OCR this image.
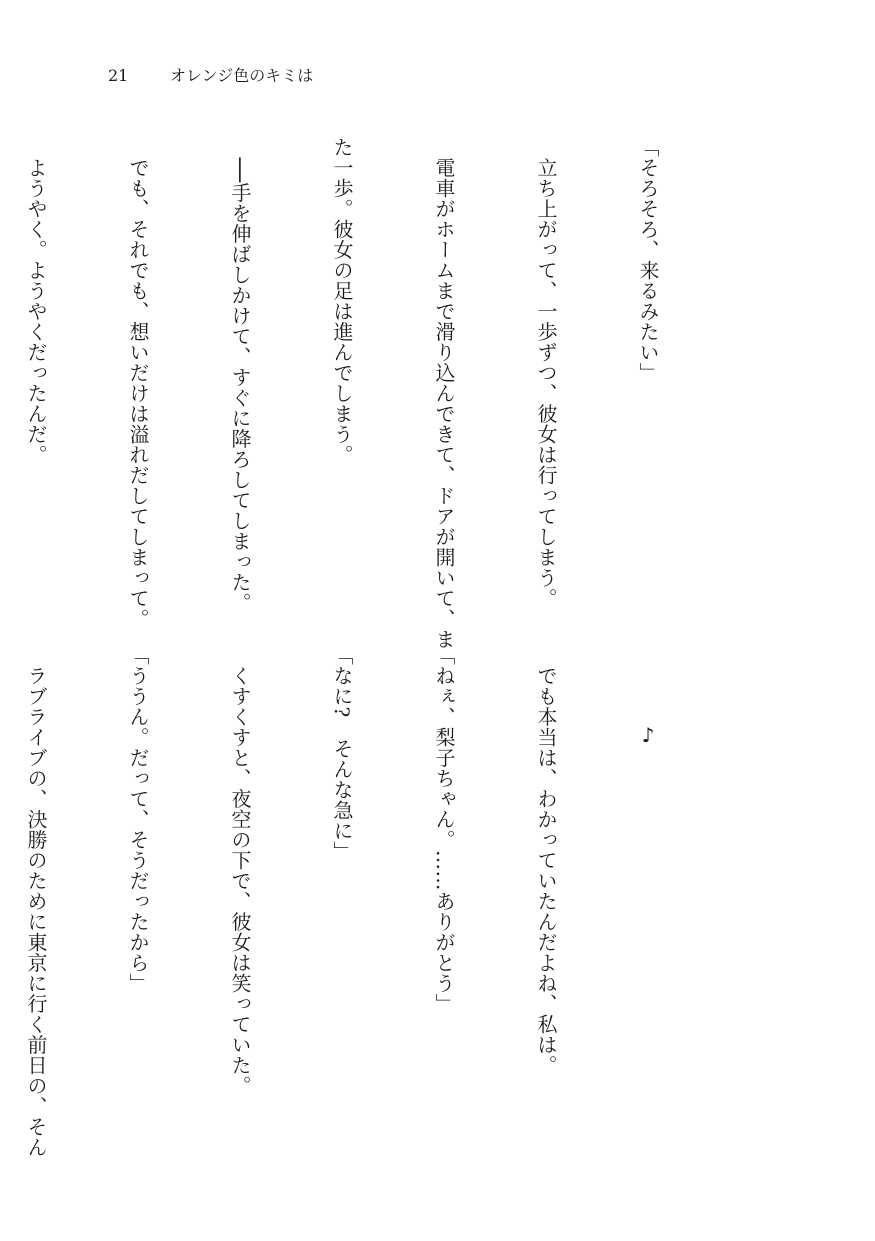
21	オレンジ色のキミは

「そろそろ、来るみたい」

　立ち上がって、一歩ずつ、彼女は行ってしまう。

　電車がホームまで滑り込んできて、ドアが開いて、ま

た一歩。彼女の足は進んでしまう。

　──手を伸ばしかけて、すぐに降ろしてしまった。

　でも、それでも、想いだけは溢れだしてしまって。

　ようやく。ようやくだったんだ。

♪

　でも本当は、わかっていたんだよね、私は。

「ねぇ、梨子ちゃん。……ありがとう」

「なに?　そんな急に」

　くすくすと、夜空の下で、彼女は笑っていた。

「ううん。だって、そうだったから」

　ラブライブの、決勝のために東京に行く前日の、そん
